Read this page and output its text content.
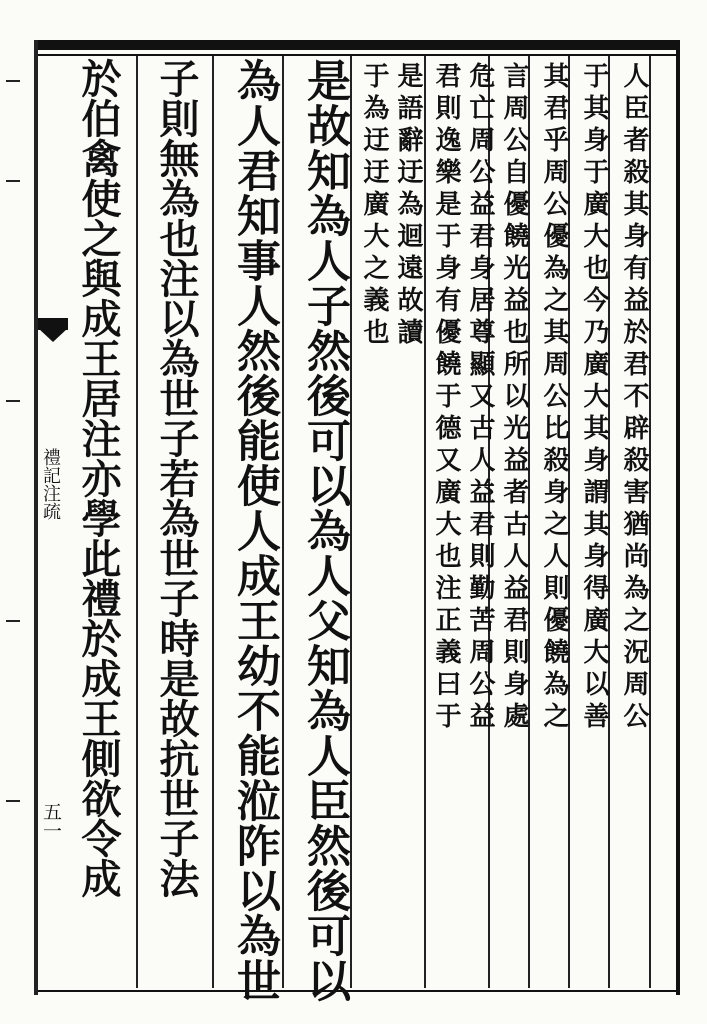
禮記注疏
五一
人臣者殺其身有益於君不辟殺害猶尚為之況周公
于其身于廣大也今乃廣大其身謂其身得廣大以善
其君乎周公優為之其周公比殺身之人則優饒為之
言周公自優饒光益也所以光益者古人益君則身處
危亡周公益君身居尊顯又古人益君則勤苦周公益
君則逸樂是于身有優饒于德又廣大也注正義曰于
是語辭迂為迴遠故讀
于為迂迂廣大之義也
是故知為人子然後可以為人父知為人臣然後可以
為人君知事人然後能使人成王幼不能涖阼以為世
子則無為也注以為世子若為世子時是故抗世子法
於伯禽使之與成王居注亦學此禮於成王側欲令成
